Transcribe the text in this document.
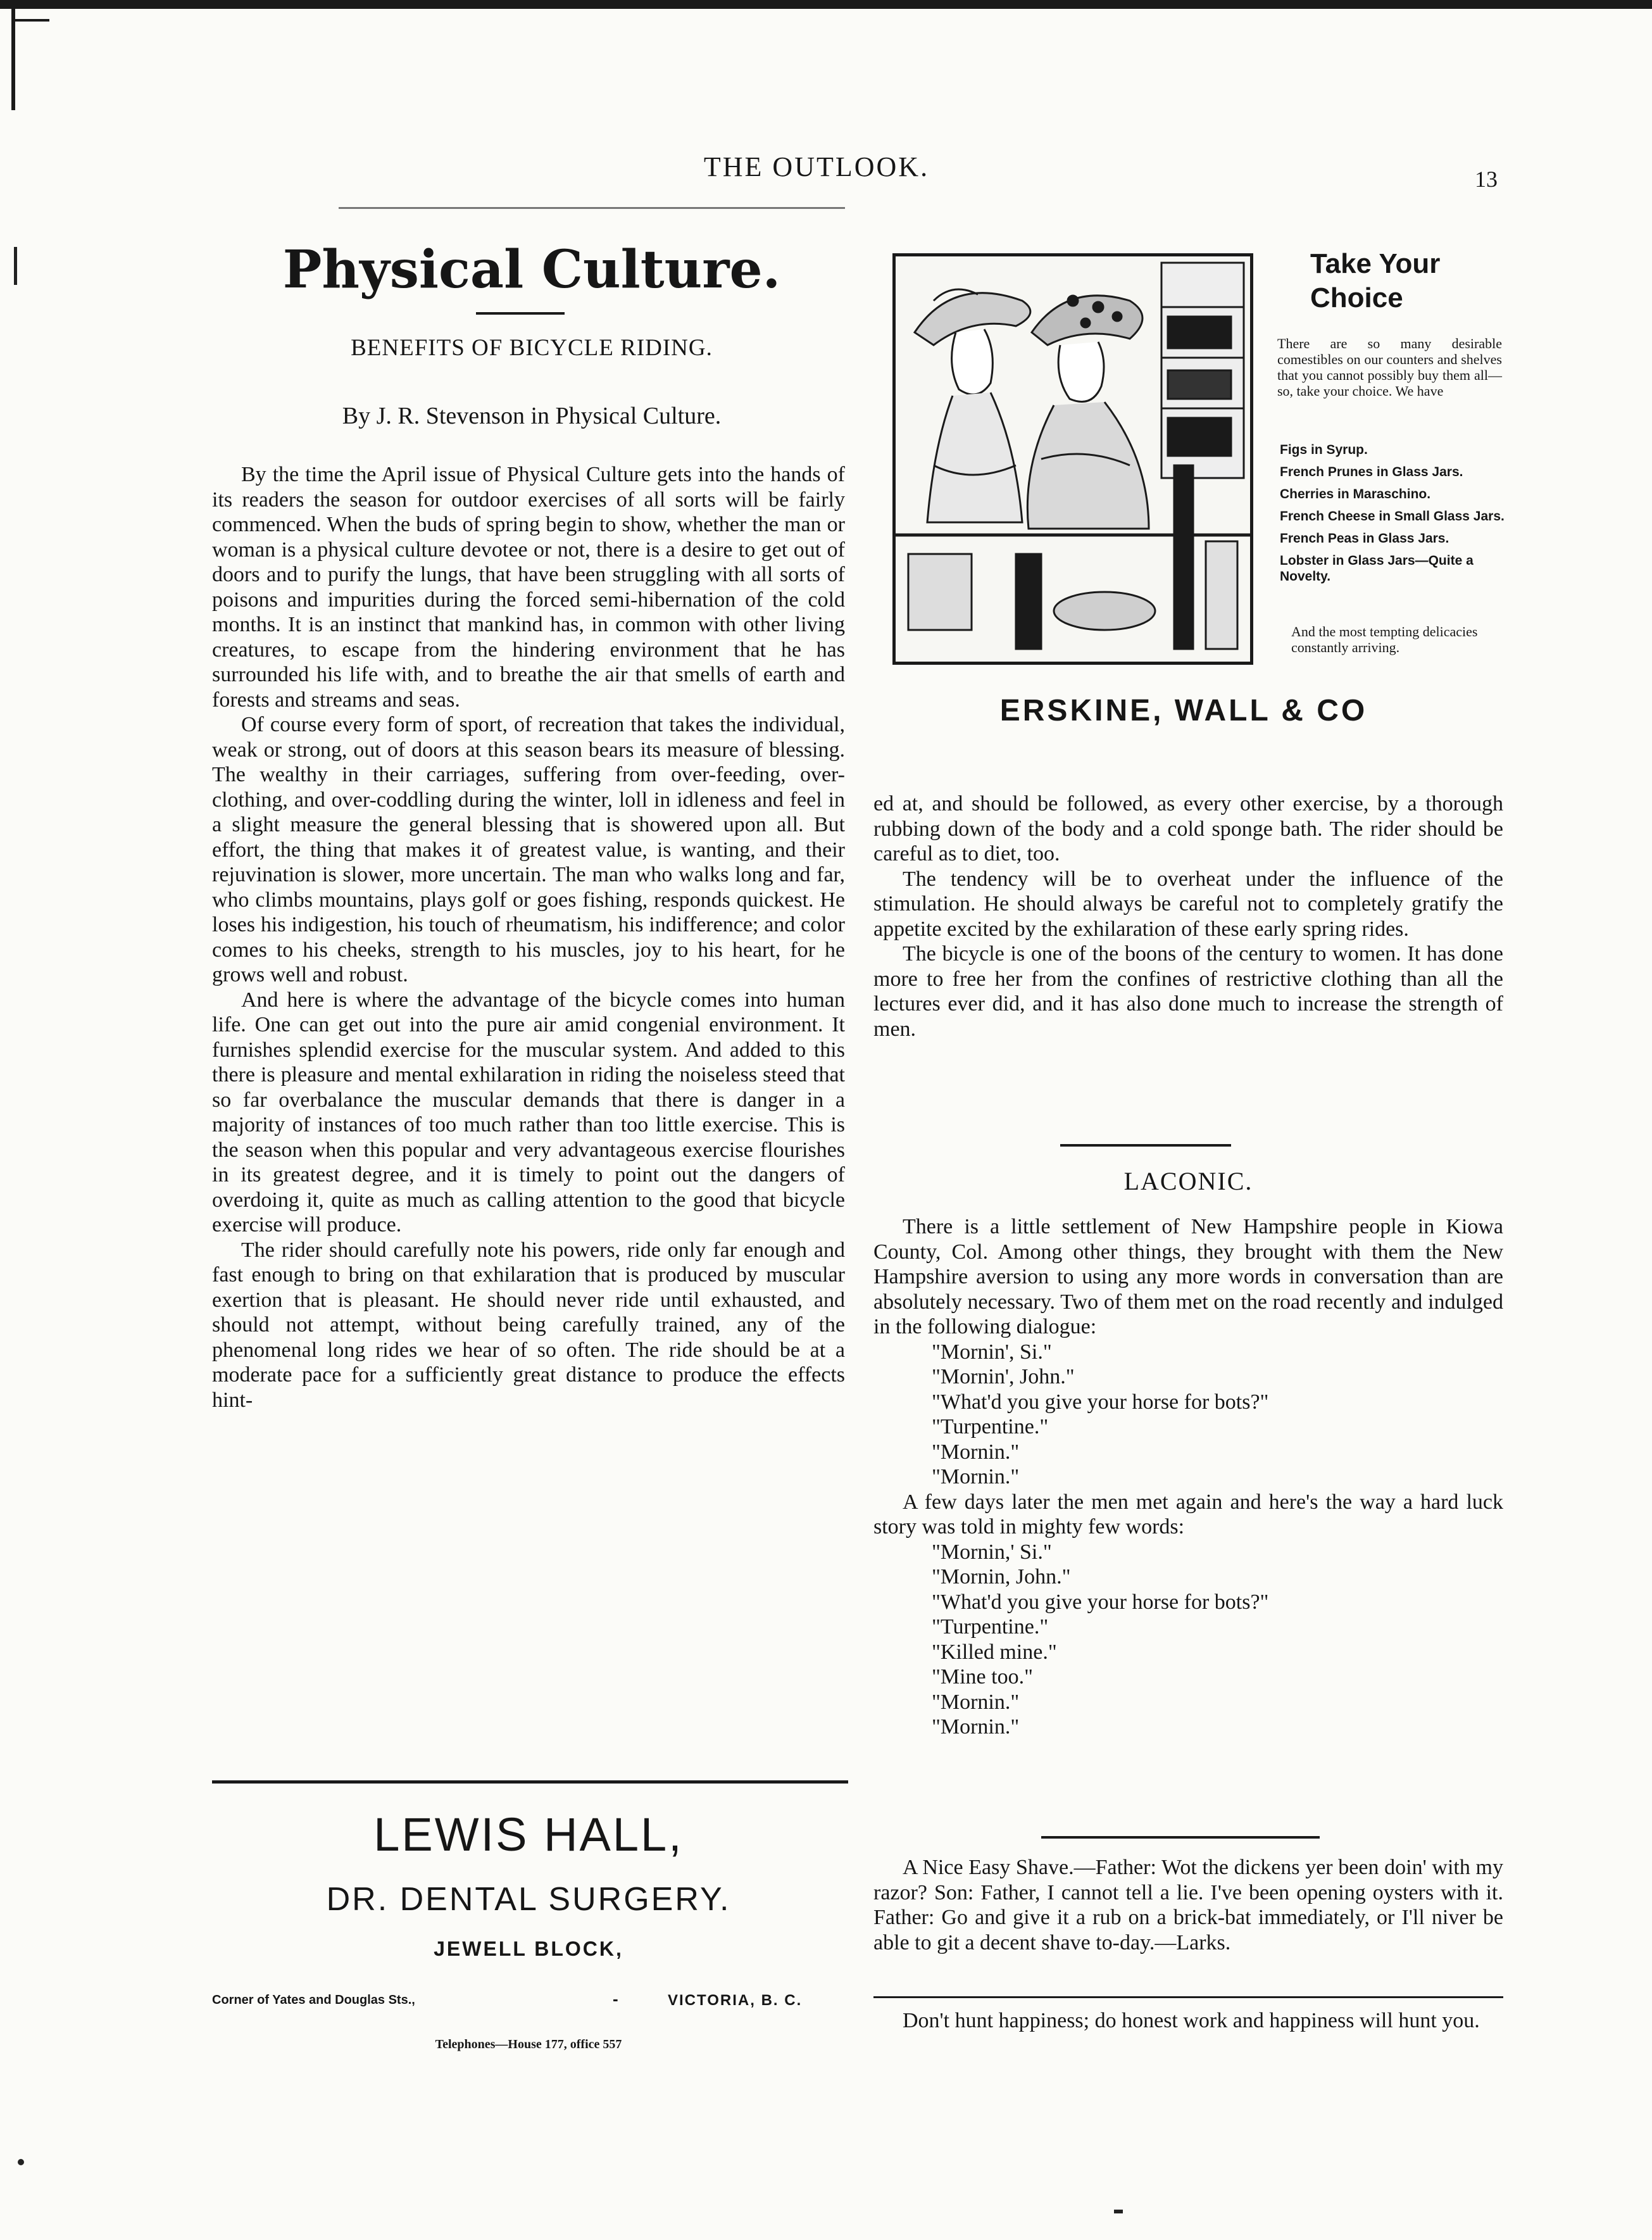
THE OUTLOOK.	13
Physical Culture.
BENEFITS OF BICYCLE RIDING.
By J. R. Stevenson in Physical Culture.

By the time the April issue of Physical Culture gets into the hands of its readers the season for outdoor exercises of all sorts will be fairly commenced. When the buds of spring begin to show, whether the man or woman is a physical culture devotee or not, there is a desire to get out of doors and to purify the lungs, that have been struggling with all sorts of poisons and impurities during the forced semi-hibernation of the cold months. It is an instinct that mankind has, in common with other living creatures, to escape from the hindering environment that he has surrounded his life with, and to breathe the air that smells of earth and forests and streams and seas.

Of course every form of sport, of recreation that takes the individual, weak or strong, out of doors at this season bears its measure of blessing. The wealthy in their carriages, suffering from over-feeding, over-clothing, and over-coddling during the winter, loll in idleness and feel in a slight measure the general blessing that is showered upon all. But effort, the thing that makes it of greatest value, is wanting, and their rejuvination is slower, more uncertain. The man who walks long and far, who climbs mountains, plays golf or goes fishing, responds quickest. He loses his indigestion, his touch of rheumatism, his indifference; and color comes to his cheeks, strength to his muscles, joy to his heart, for he grows well and robust.

And here is where the advantage of the bicycle comes into human life. One can get out into the pure air amid congenial environment. It furnishes splendid exercise for the muscular system. And added to this there is pleasure and mental exhilaration in riding the noiseless steed that so far overbalance the muscular demands that there is danger in a majority of instances of too much rather than too little exercise. This is the season when this popular and very advantageous exercise flourishes in its greatest degree, and it is timely to point out the dangers of overdoing it, quite as much as calling attention to the good that bicycle exercise will produce.

The rider should carefully note his powers, ride only far enough and fast enough to bring on that exhilaration that is produced by muscular exertion that is pleasant. He should never ride until exhausted, and should not attempt, without being carefully trained, any of the phenomenal long rides we hear of so often. The ride should be at a moderate pace for a sufficiently great distance to produce the effects hint-

LEWIS HALL,
DR. DENTAL SURGERY.
JEWELL BLOCK,
Corner of Yates and Douglas Sts.,	-	VICTORIA, B. C.
Telephones—House 177, office 557
Take Your Choice
There are so many desirable comestibles on our counters and shelves that you cannot possibly buy them all—so, take your choice. We have
Figs in Syrup.
French Prunes in Glass Jars.
Cherries in Maraschino.
French Cheese in Small Glass Jars.
French Peas in Glass Jars.
Lobster in Glass Jars—Quite a Novelty.
And the most tempting delicacies constantly arriving.
ERSKINE, WALL & CO

ed at, and should be followed, as every other exercise, by a thorough rubbing down of the body and a cold sponge bath. The rider should be careful as to diet, too.

The tendency will be to overheat under the influence of the stimulation. He should always be careful not to completely gratify the appetite excited by the exhilaration of these early spring rides.

The bicycle is one of the boons of the century to women. It has done more to free her from the confines of restrictive clothing than all the lectures ever did, and it has also done much to increase the strength of men.

LACONIC.

There is a little settlement of New Hampshire people in Kiowa County, Col. Among other things, they brought with them the New Hampshire aversion to using any more words in conversation than are absolutely necessary. Two of them met on the road recently and indulged in the following dialogue:

"Mornin', Si."

"Mornin', John."

"What'd you give your horse for bots?"

"Turpentine."

"Mornin."

"Mornin."

A few days later the men met again and here's the way a hard luck story was told in mighty few words:

"Mornin,' Si."

"Mornin, John."

"What'd you give your horse for bots?"

"Turpentine."

"Killed mine."

"Mine too."

"Mornin."

"Mornin."

A Nice Easy Shave.—Father: Wot the dickens yer been doin' with my razor? Son: Father, I cannot tell a lie. I've been opening oysters with it. Father: Go and give it a rub on a brick-bat immediately, or I'll niver be able to git a decent shave to-day.—Larks.

Don't hunt happiness; do honest work and happiness will hunt you.
